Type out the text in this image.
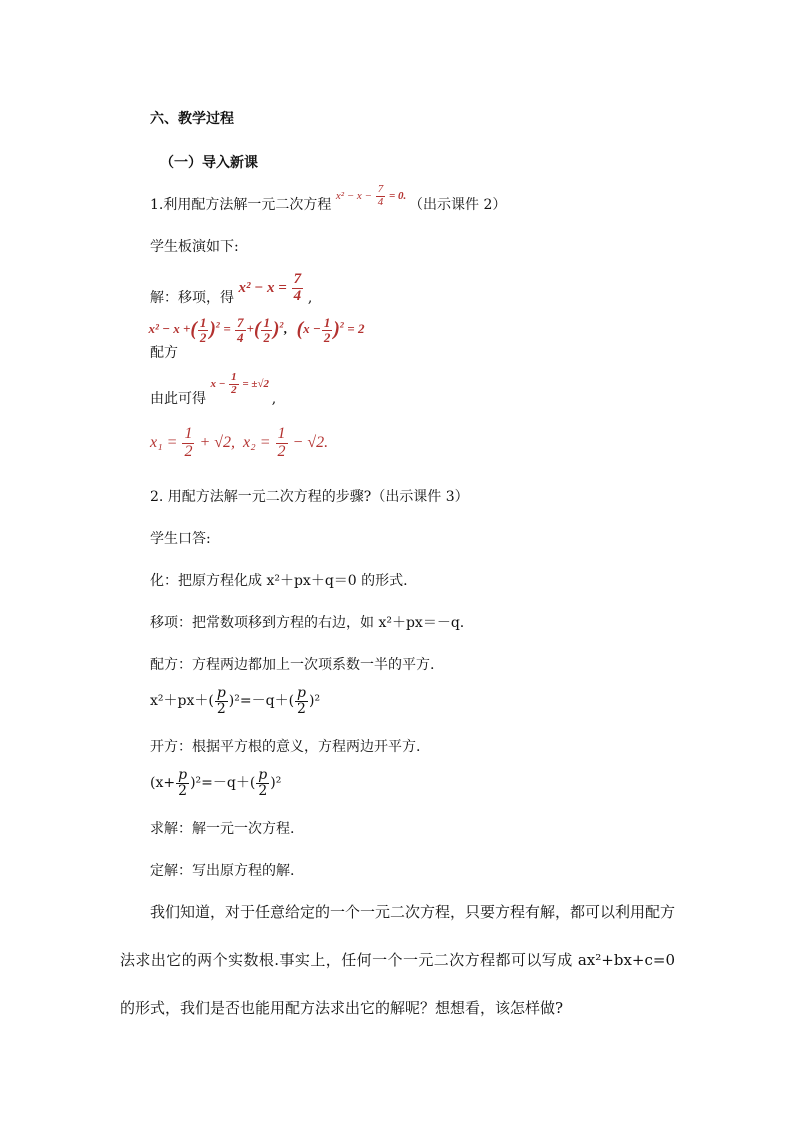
六、教学过程
（一）导入新课
1.利用配方法解一元二次方程 $^{x^2 - x - \frac{7}{4} = 0.}$ （出示课件 2）
学生板演如下:
解：移项，得 $x^2 - x = \frac{7}{4}$ ,
配方 x² − x +( $\frac{1}{2} )^2 = \frac{7}{4}$ +( $\frac{1}{2} )^2$, $(x - \frac{1}{2} )^2 = 2$
由此可得 $^{x - \frac{1}{2} = \pm√2}$ ,
$x_1 = \frac{1}{2} + √2$, $x_2 = \frac{1}{2} - √2$.
2. 用配方法解一元二次方程的步骤?（出示课件 3）
学生口答:
化：把原方程化成 x²＋px＋q＝0 的形式.
移项：把常数项移到方程的右边，如 x²＋px＝－q.
配方：方程两边都加上一次项系数一半的平方.
$x^2+px+( \frac{p}{2} )^2=-q+( \frac{p}{2} )^2$
开方：根据平方根的意义，方程两边开平方.
$(x+ \frac{p}{2} )^2=-q+( \frac{p}{2} )^2$
求解：解一元一次方程.
定解：写出原方程的解.
我们知道，对于任意给定的一个一元二次方程，只要方程有解，都可以利用配方法求出它的两个实数根.事实上，任何一个一元二次方程都可以写成 ax²+bx+c=0 的形式，我们是否也能用配方法求出它的解呢？想想看，该怎样做?
